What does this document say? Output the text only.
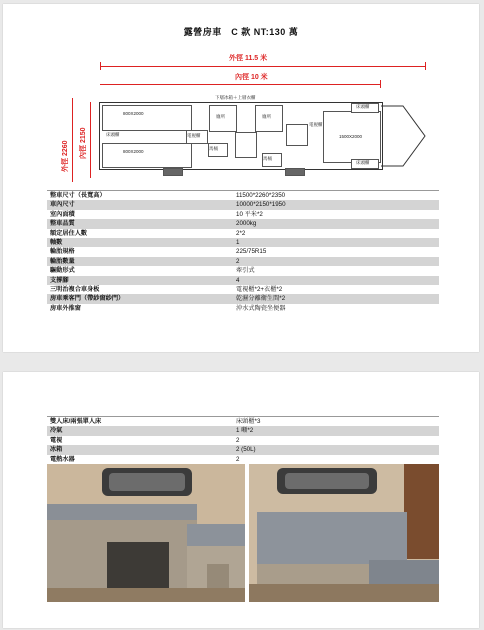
露營房車　C 款 NT:130 萬
外徑 11.5 米
內徑 10 米
外徑 2260 內徑 2150
800X2000
800X2000
床頭櫃
下層冰箱＋上層衣櫃
電視櫃
廁所	廁所
馬桶
馬桶
電視櫃
1500X2000
床頭櫃
床頭櫃
整車尺寸（長寬高）	11500*2260*2350
車內尺寸	10000*2150*1950
室內面積	10 平米*2
整車品質	2000kg
額定居住人數	2*2
軸數	1
輪胎規格	225/75R15
輪胎數量	2
驅動形式	牽引式
支撐腳	4
三明治複合車身板	電視櫃*2+衣櫃*2
房車乘客門（帶紗窗紗門）	乾濕分離衛生間*2
房車外推窗	沖水式陶瓷坐便器
雙人床/兩張單人床	床頭櫃*3
冷氣	1 噸*2
電視	2
冰箱	2 (50L)
電熱水器	2
